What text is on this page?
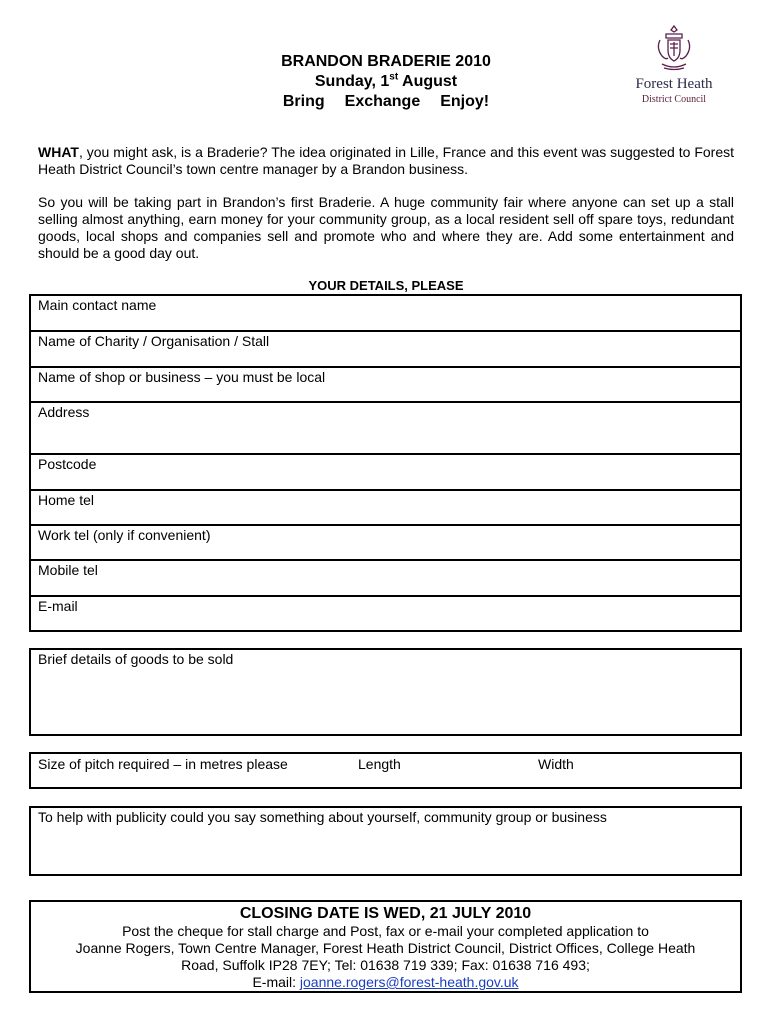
BRANDON BRADERIE 2010
Sunday, 1st August
Bring Exchange Enjoy!
Forest Heath
District Council
WHAT, you might ask, is a Braderie? The idea originated in Lille, France and this event was suggested to Forest Heath District Council’s town centre manager by a Brandon business.
So you will be taking part in Brandon’s first Braderie. A huge community fair where anyone can set up a stall selling almost anything, earn money for your community group, as a local resident sell off spare toys, redundant goods, local shops and companies sell and promote who and where they are. Add some entertainment and should be a good day out.
YOUR DETAILS, PLEASE
Main contact name
Name of Charity / Organisation / Stall
Name of shop or business – you must be local
Address
Postcode
Home tel
Work tel (only if convenient)
Mobile tel
E-mail
Brief details of goods to be sold
Size of pitch required – in metres please	Length	Width
To help with publicity could you say something about yourself, community group or business
CLOSING DATE IS WED, 21 JULY 2010
Post the cheque for stall charge and Post, fax or e-mail your completed application to
Joanne Rogers, Town Centre Manager, Forest Heath District Council, District Offices, College Heath
Road, Suffolk IP28 7EY; Tel: 01638 719 339; Fax: 01638 716 493;
E-mail: joanne.rogers@forest-heath.gov.uk
